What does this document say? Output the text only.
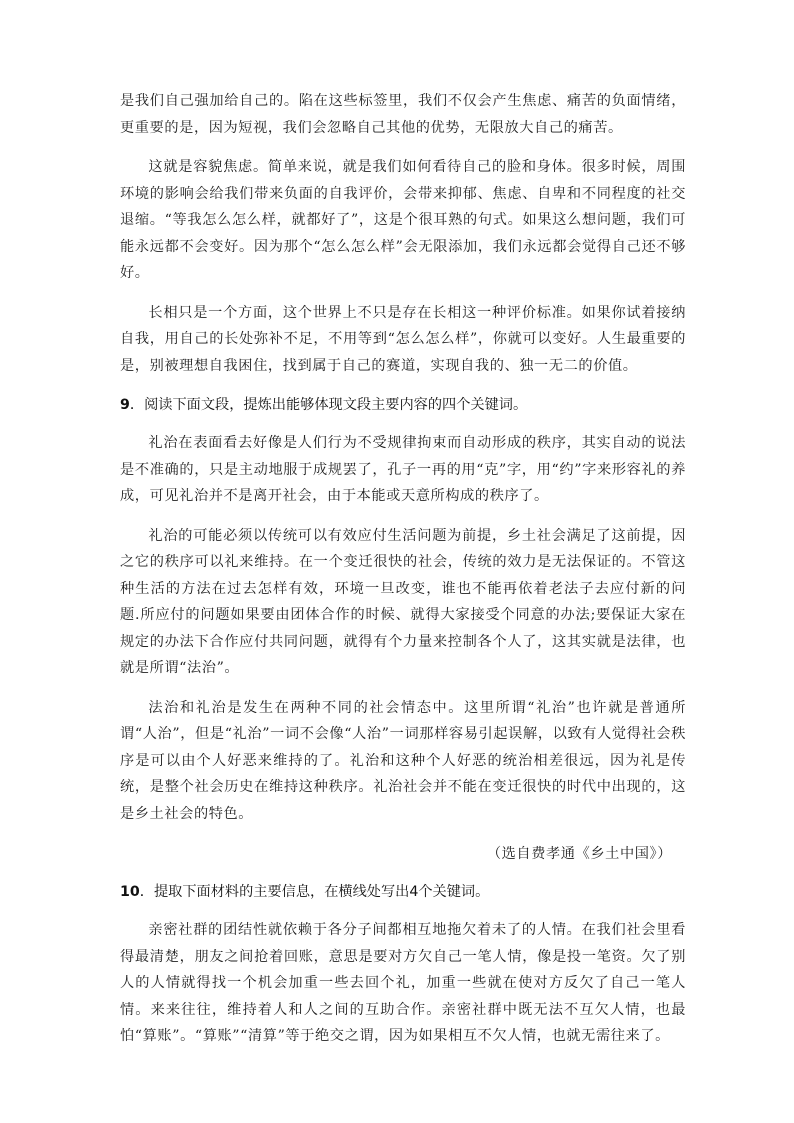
是我们自己强加给自己的。陷在这些标签里，我们不仅会产生焦虑、痛苦的负面情绪，更重要的是，因为短视，我们会忽略自己其他的优势，无限放大自己的痛苦。

这就是容貌焦虑。简单来说，就是我们如何看待自己的脸和身体。很多时候，周围环境的影响会给我们带来负面的自我评价，会带来抑郁、焦虑、自卑和不同程度的社交退缩。“等我怎么怎么样，就都好了”，这是个很耳熟的句式。如果这么想问题，我们可能永远都不会变好。因为那个“怎么怎么样”会无限添加，我们永远都会觉得自己还不够好。

长相只是一个方面，这个世界上不只是存在长相这一种评价标准。如果你试着接纳自我，用自己的长处弥补不足，不用等到“怎么怎么样”，你就可以变好。人生最重要的是，别被理想自我困住，找到属于自己的赛道，实现自我的、独一无二的价值。

9．阅读下面文段，提炼出能够体现文段主要内容的四个关键词。

礼治在表面看去好像是人们行为不受规律拘束而自动形成的秩序，其实自动的说法是不准确的，只是主动地服于成规罢了，孔子一再的用“克”字，用“约”字来形容礼的养成，可见礼治并不是离开社会，由于本能或天意所构成的秩序了。

礼治的可能必须以传统可以有效应付生活问题为前提，乡土社会满足了这前提，因之它的秩序可以礼来维持。在一个变迁很快的社会，传统的效力是无法保证的。不管这种生活的方法在过去怎样有效，环境一旦改变，谁也不能再依着老法子去应付新的问题.所应付的问题如果要由团体合作的时候、就得大家接受个同意的办法;要保证大家在规定的办法下合作应付共同问题，就得有个力量来控制各个人了，这其实就是法律，也就是所谓“法治”。

法治和礼治是发生在两种不同的社会情态中。这里所谓“礼治”也许就是普通所谓“人治”，但是“礼治”一词不会像“人治”一词那样容易引起误解，以致有人觉得社会秩序是可以由个人好恶来维持的了。礼治和这种个人好恶的统治相差很远，因为礼是传统，是整个社会历史在维持这种秩序。礼治社会并不能在变迁很快的时代中出现的，这是乡土社会的特色。

（选自费孝通《乡土中国》）
10．提取下面材料的主要信息，在横线处写出4个关键词。

亲密社群的团结性就依赖于各分子间都相互地拖欠着未了的人情。在我们社会里看得最清楚，朋友之间抢着回账，意思是要对方欠自己一笔人情，像是投一笔资。欠了别人的人情就得找一个机会加重一些去回个礼，加重一些就在使对方反欠了自己一笔人情。来来往往，维持着人和人之间的互助合作。亲密社群中既无法不互欠人情，也最怕“算账”。“算账”“清算”等于绝交之谓，因为如果相互不欠人情，也就无需往来了。
